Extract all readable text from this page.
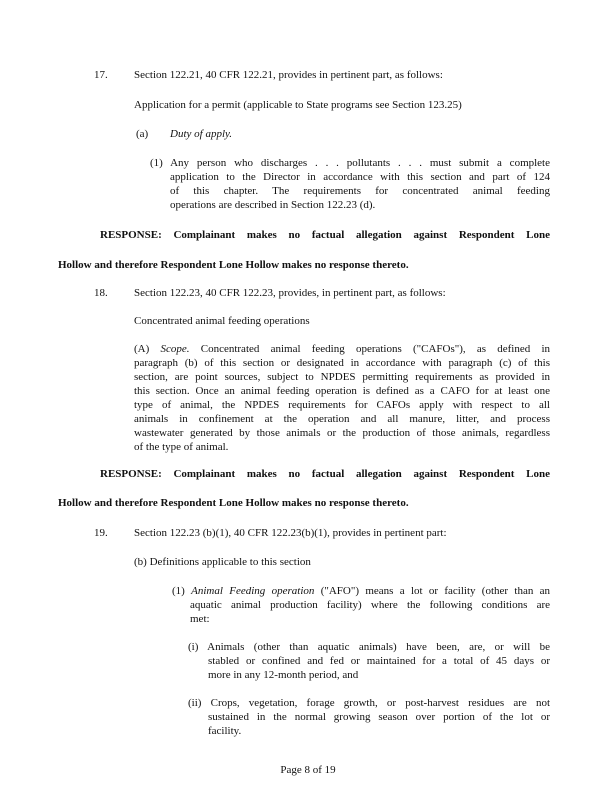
17. Section 122.21, 40 CFR 122.21, provides in pertinent part, as follows:
Application for a permit (applicable to State programs see Section 123.25)
(a) Duty of apply.
(1) Any person who discharges . . . pollutants . . . must submit a complete
application to the Director in accordance with this section and part of 124
of this chapter. The requirements for concentrated animal feeding
operations are described in Section 122.23 (d).
RESPONSE: Complainant makes no factual allegation against Respondent Lone
Hollow and therefore Respondent Lone Hollow makes no response thereto.
18. Section 122.23, 40 CFR 122.23, provides, in pertinent part, as follows:
Concentrated animal feeding operations
(A) Scope. Concentrated animal feeding operations ("CAFOs"), as defined in
paragraph (b) of this section or designated in accordance with paragraph (c) of this
section, are point sources, subject to NPDES permitting requirements as provided in
this section. Once an animal feeding operation is defined as a CAFO for at least one
type of animal, the NPDES requirements for CAFOs apply with respect to all
animals in confinement at the operation and all manure, litter, and process
wastewater generated by those animals or the production of those animals, regardless
of the type of animal.
RESPONSE: Complainant makes no factual allegation against Respondent Lone
Hollow and therefore Respondent Lone Hollow makes no response thereto.
19. Section 122.23 (b)(1), 40 CFR 122.23(b)(1), provides in pertinent part:
(b) Definitions applicable to this section
(1) Animal Feeding operation ("AFO") means a lot or facility (other than an
aquatic animal production facility) where the following conditions are
met:
(i) Animals (other than aquatic animals) have been, are, or will be
stabled or confined and fed or maintained for a total of 45 days or
more in any 12-month period, and
(ii) Crops, vegetation, forage growth, or post-harvest residues are not
sustained in the normal growing season over portion of the lot or
facility.
Page 8 of 19
